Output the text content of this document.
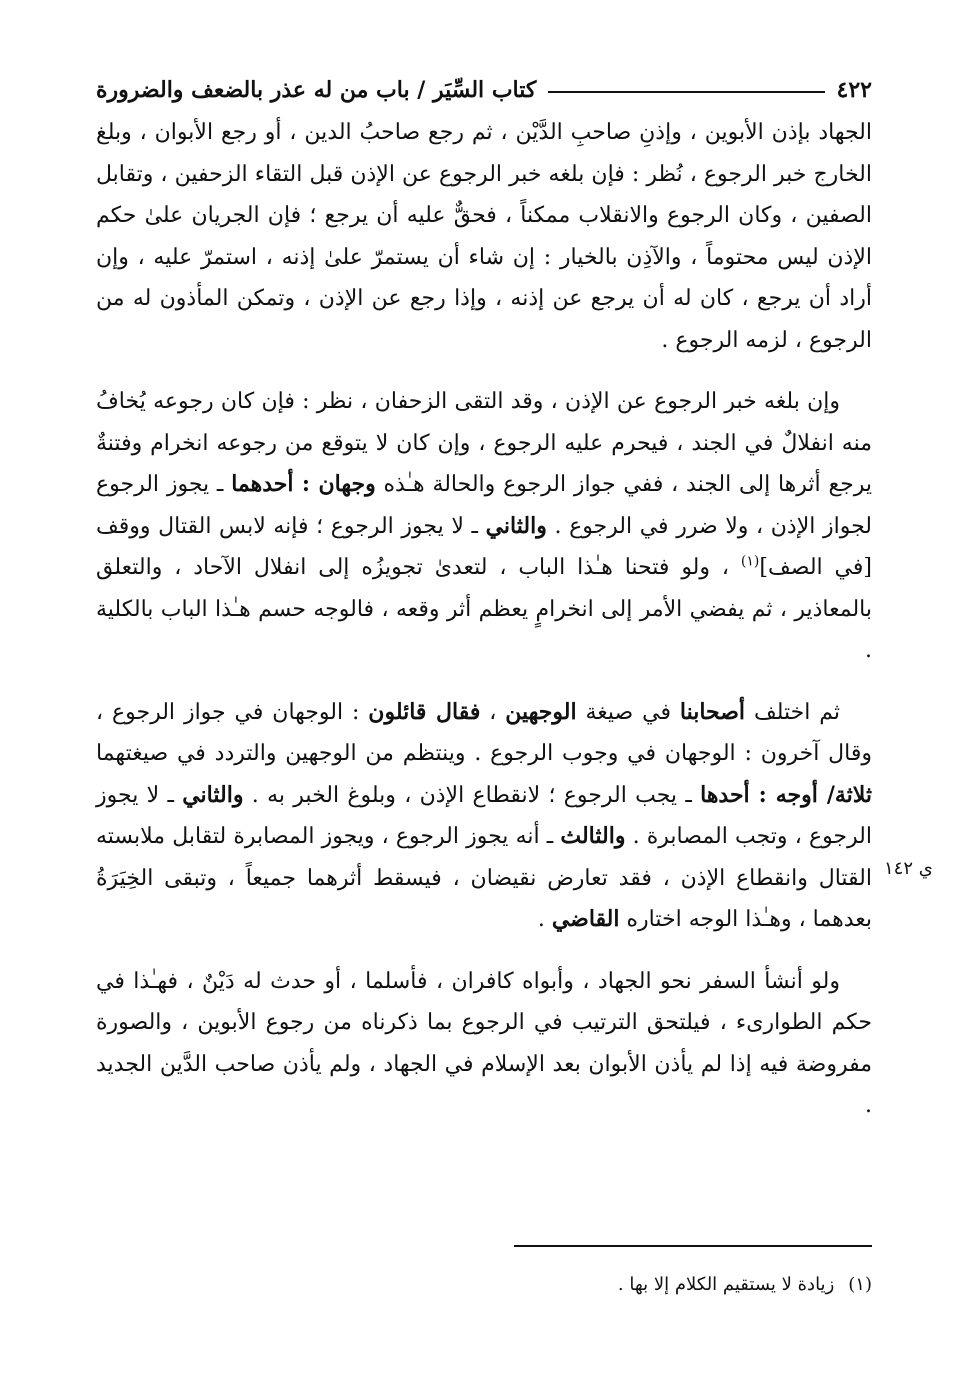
٤٢٢
كتاب السِّيَر / باب من له عذر بالضعف والضرورة

الجهاد بإذن الأبوين ، وإذنِ صاحبِ الدَّيْن ، ثم رجع صاحبُ الدين ، أو رجع الأبوان ، وبلغ الخارج خبر الرجوع ، نُظر : فإن بلغه خبر الرجوع عن الإذن قبل التقاء الزحفين ، وتقابل الصفين ، وكان الرجوع والانقلاب ممكناً ، فحقٌّ عليه أن يرجع ؛ فإن الجريان علىٰ حكم الإذن ليس محتوماً ، والآذِن بالخيار : إن شاء أن يستمرّ علىٰ إذنه ، استمرّ عليه ، وإن أراد أن يرجع ، كان له أن يرجع عن إذنه ، وإذا رجع عن الإذن ، وتمكن المأذون له من الرجوع ، لزمه الرجوع .

وإن بلغه خبر الرجوع عن الإذن ، وقد التقى الزحفان ، نظر : فإن كان رجوعه يُخافُ منه انفلالٌ في الجند ، فيحرم عليه الرجوع ، وإن كان لا يتوقع من رجوعه انخرام وفتنةٌ يرجع أثرها إلى الجند ، ففي جواز الرجوع والحالة هـٰذه وجهان : أحدهما ـ يجوز الرجوع لجواز الإذن ، ولا ضرر في الرجوع . والثاني ـ لا يجوز الرجوع ؛ فإنه لابس القتال ووقف [في الصف]$^{(١)}$ ، ولو فتحنا هـٰذا الباب ، لتعدىٰ تجويزُه إلى انفلال الآحاد ، والتعلق بالمعاذير ، ثم يفضي الأمر إلى انخرامٍ يعظم أثر وقعه ، فالوجه حسم هـٰذا الباب بالكلية .

ثم اختلف أصحابنا في صيغة الوجهين ، فقال قائلون : الوجهان في جواز الرجوع ، وقال آخرون : الوجهان في وجوب الرجوع . وينتظم من الوجهين والتردد في صيغتهما ثلاثة/ أوجه : أحدها ـ يجب الرجوع ؛ لانقطاع الإذن ، وبلوغ الخبر به . والثاني ـ لا يجوز الرجوع ، وتجب المصابرة . والثالث ـ أنه يجوز الرجوع ، ويجوز المصابرة لتقابل ملابسته القتال وانقطاع الإذن ، فقد تعارض نقيضان ، فيسقط أثرهما جميعاً ، وتبقى الخِيَرَةُ بعدهما ، وهـٰذا الوجه اختاره القاضي .

ولو أنشأ السفر نحو الجهاد ، وأبواه كافران ، فأسلما ، أو حدث له دَيْنٌ ، فهـٰذا في حكم الطوارىء ، فيلتحق الترتيب في الرجوع بما ذكرناه من رجوع الأبوين ، والصورة مفروضة فيه إذا لم يأذن الأبوان بعد الإسلام في الجهاد ، ولم يأذن صاحب الدَّين الجديد .

ي ١٤٢
(١)زيادة لا يستقيم الكلام إلا بها .
